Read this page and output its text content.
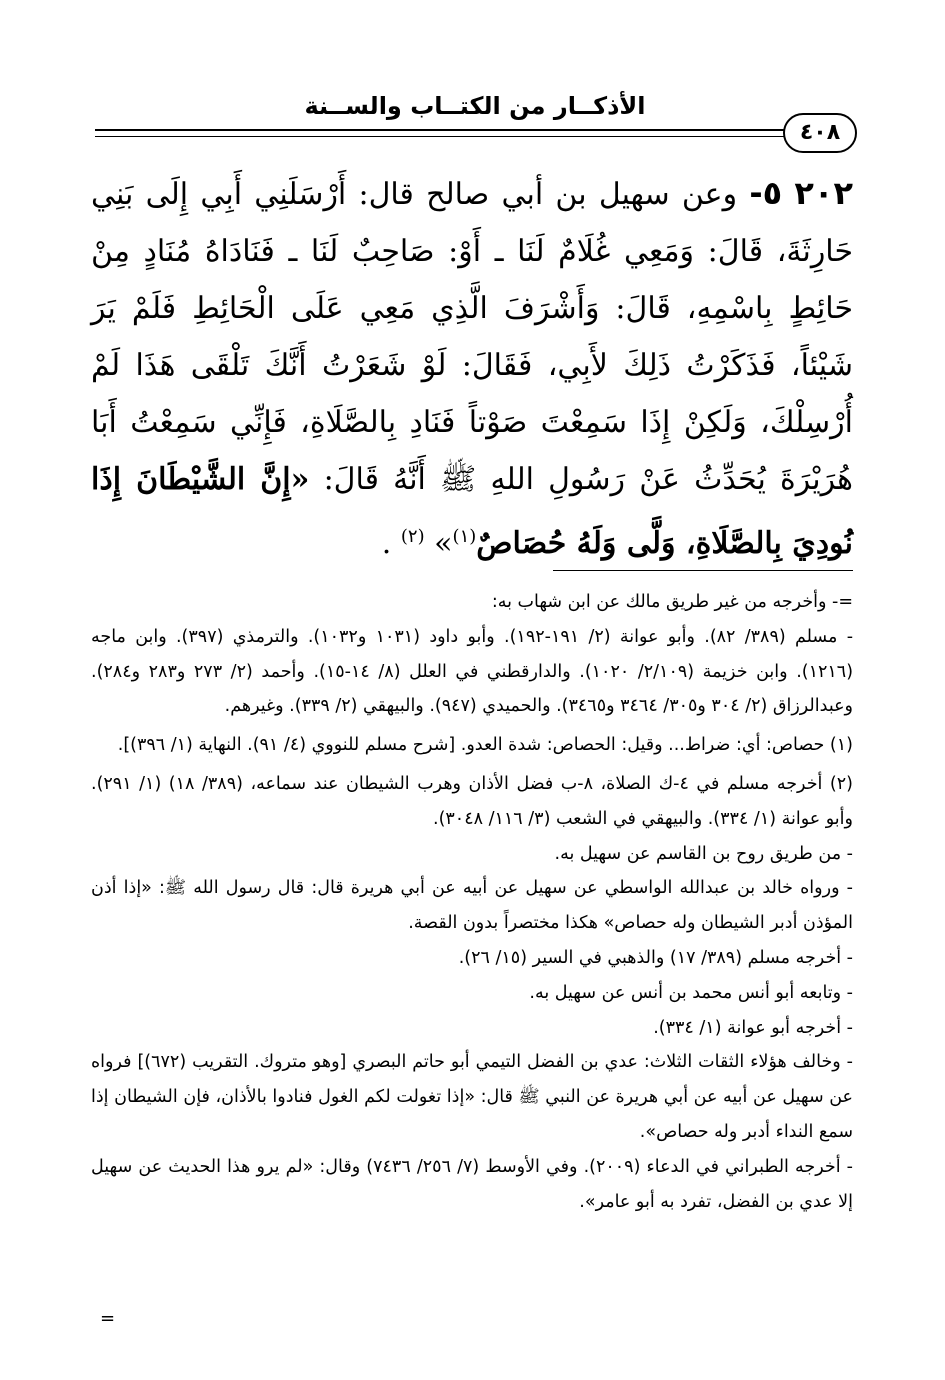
الأذكــار من الكتــاب والســنة
٤٠٨

٢٠٢ ٥- وعن سهيل بن أبي صالح قال: أَرْسَلَنِي أَبِي إِلَى بَنِي حَارِثَةَ، قَالَ: وَمَعِي غُلَامٌ لَنَا ـ أَوْ: صَاحِبٌ لَنَا ـ فَنَادَاهُ مُنَادٍ مِنْ حَائِطٍ بِاسْمِهِ، قَالَ: وَأَشْرَفَ الَّذِي مَعِي عَلَى الْحَائِطِ فَلَمْ يَرَ شَيْئاً، فَذَكَرْتُ ذَلِكَ لأَبِي، فَقَالَ: لَوْ شَعَرْتُ أَنَّكَ تَلْقَى هَذَا لَمْ أُرْسِلْكَ، وَلَكِنْ إِذَا سَمِعْتَ صَوْتاً فَنَادِ بِالصَّلَاةِ، فَإِنِّي سَمِعْتُ أَبَا هُرَيْرَةَ يُحَدِّثُ عَنْ رَسُولِ اللهِ ﷺ أَنَّهُ قَالَ: «إِنَّ الشَّيْطَانَ إِذَا نُودِيَ بِالصَّلَاةِ، وَلَّى وَلَهُ حُصَاصٌ$^{(١)}$» $^{(٢)}$ .

=- وأخرجه من غير طريق مالك عن ابن شهاب به:

- مسلم (٣٨٩/ ٨٢). وأبو عوانة (٢/ ١٩١-١٩٢). وأبو داود (١٠٣١ و١٠٣٢). والترمذي (٣٩٧). وابن ماجه (١٢١٦). وابن خزيمة (٢/١٠٩/ ١٠٢٠). والدارقطني في العلل (٨/ ١٤-١٥). وأحمد (٢/ ٢٧٣ و٢٨٣ و٢٨٤). وعبدالرزاق (٢/ ٣٠٤ و٣٠٥/ ٣٤٦٤ و٣٤٦٥). والحميدي (٩٤٧). والبيهقي (٢/ ٣٣٩). وغيرهم.

(١) حصاص: أي: ضراط... وقيل: الحصاص: شدة العدو. [شرح مسلم للنووي (٤/ ٩١). النهاية (١/ ٣٩٦)].

(٢) أخرجه مسلم في ٤-ك الصلاة، ٨-ب فضل الأذان وهرب الشيطان عند سماعه، (٣٨٩/ ١٨) (١/ ٢٩١). وأبو عوانة (١/ ٣٣٤). والبيهقي في الشعب (٣/ ١١٦/ ٣٠٤٨).

- من طريق روح بن القاسم عن سهيل به.

- ورواه خالد بن عبدالله الواسطي عن سهيل عن أبيه عن أبي هريرة قال: قال رسول الله ﷺ: «إذا أذن المؤذن أدبر الشيطان وله حصاص» هكذا مختصراً بدون القصة.

- أخرجه مسلم (٣٨٩/ ١٧) والذهبي في السير (١٥/ ٢٦).

- وتابعه أبو أنس محمد بن أنس عن سهيل به.

- أخرجه أبو عوانة (١/ ٣٣٤).

- وخالف هؤلاء الثقات الثلاث: عدي بن الفضل التيمي أبو حاتم البصري [وهو متروك. التقريب (٦٧٢)] فرواه عن سهيل عن أبيه عن أبي هريرة عن النبي ﷺ قال: «إذا تغولت لكم الغول فنادوا بالأذان، فإن الشيطان إذا سمع النداء أدبر وله حصاص».

- أخرجه الطبراني في الدعاء (٢٠٠٩). وفي الأوسط (٧/ ٢٥٦/ ٧٤٣٦) وقال: «لم يرو هذا الحديث عن سهيل إلا عدي بن الفضل، تفرد به أبو عامر».

=
